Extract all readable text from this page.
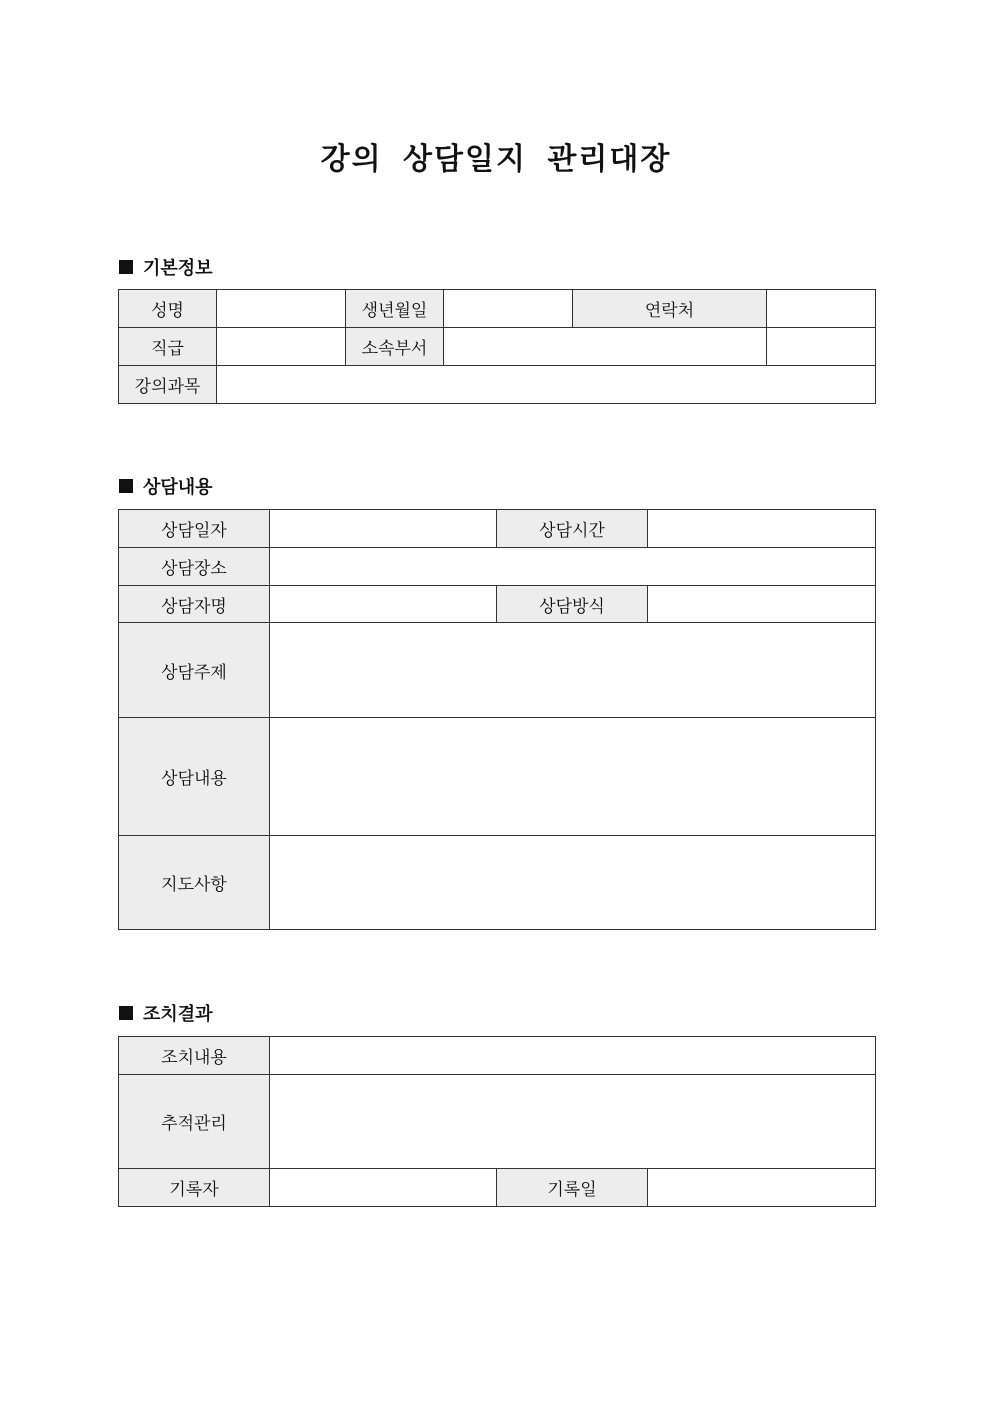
강의 상담일지 관리대장
기본정보
성명		생년월일		연락처	
직급		소속부서			
강의과목					
상담내용
상담일자		상담시간	
상담장소			
상담자명		상담방식	
상담주제			
상담내용			
지도사항			
조치결과
조치내용			
추적관리			
기록자		기록일	
